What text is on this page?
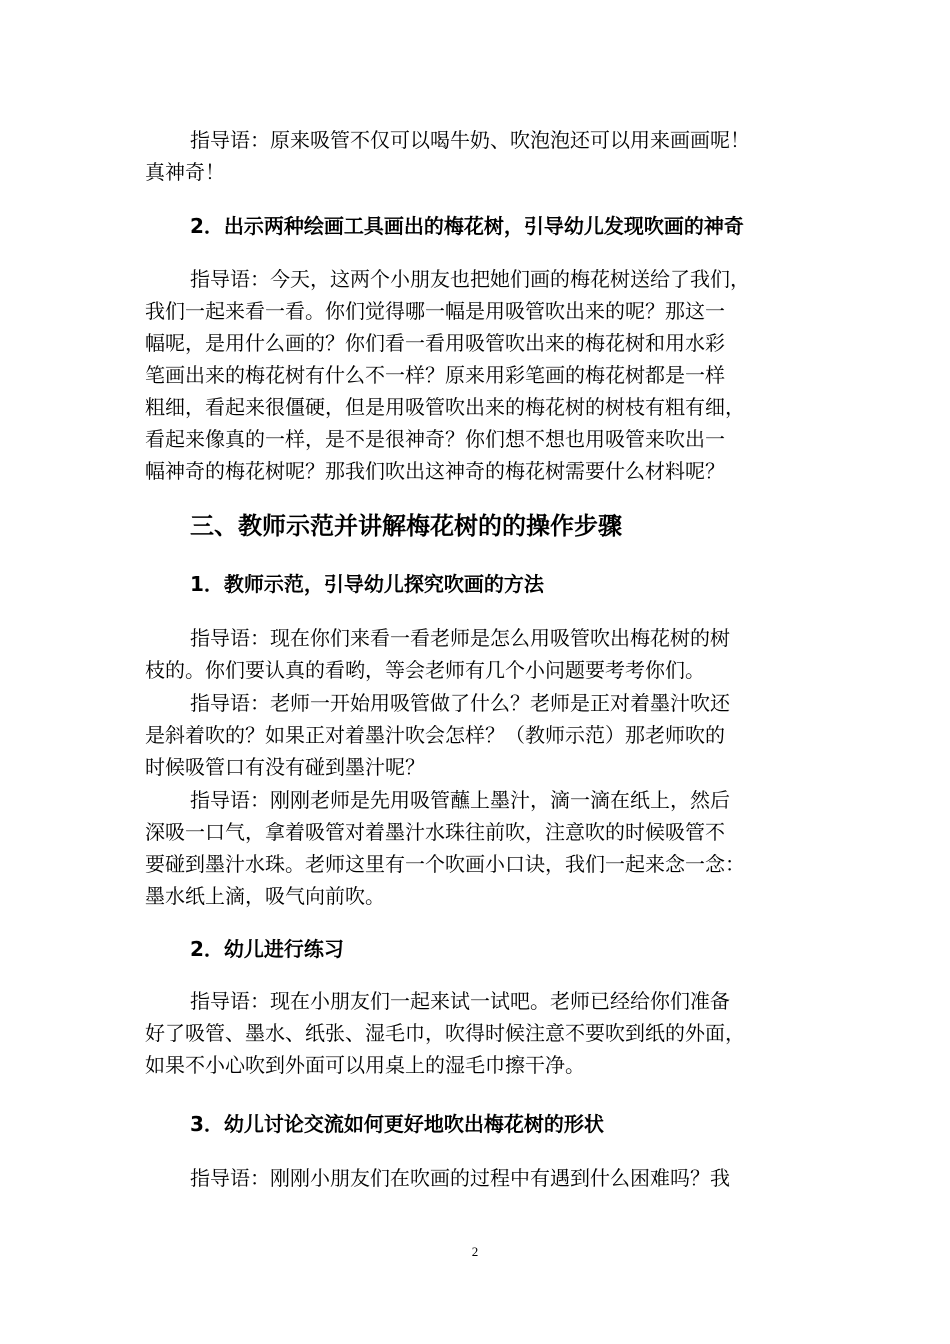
指导语：原来吸管不仅可以喝牛奶、吹泡泡还可以用来画画呢！
真神奇！
2．出示两种绘画工具画出的梅花树，引导幼儿发现吹画的神奇
指导语：今天，这两个小朋友也把她们画的梅花树送给了我们，
我们一起来看一看。你们觉得哪一幅是用吸管吹出来的呢？那这一
幅呢，是用什么画的？你们看一看用吸管吹出来的梅花树和用水彩
笔画出来的梅花树有什么不一样？原来用彩笔画的梅花树都是一样
粗细，看起来很僵硬，但是用吸管吹出来的梅花树的树枝有粗有细，
看起来像真的一样，是不是很神奇？你们想不想也用吸管来吹出一
幅神奇的梅花树呢？那我们吹出这神奇的梅花树需要什么材料呢？
三、教师示范并讲解梅花树的的操作步骤
1．教师示范，引导幼儿探究吹画的方法
指导语：现在你们来看一看老师是怎么用吸管吹出梅花树的树
枝的。你们要认真的看哟，等会老师有几个小问题要考考你们。
指导语：老师一开始用吸管做了什么？老师是正对着墨汁吹还
是斜着吹的？如果正对着墨汁吹会怎样？（教师示范）那老师吹的
时候吸管口有没有碰到墨汁呢？
指导语：刚刚老师是先用吸管蘸上墨汁，滴一滴在纸上，然后
深吸一口气，拿着吸管对着墨汁水珠往前吹，注意吹的时候吸管不
要碰到墨汁水珠。老师这里有一个吹画小口诀，我们一起来念一念：
墨水纸上滴，吸气向前吹。
2．幼儿进行练习
指导语：现在小朋友们一起来试一试吧。老师已经给你们准备
好了吸管、墨水、纸张、湿毛巾，吹得时候注意不要吹到纸的外面，
如果不小心吹到外面可以用桌上的湿毛巾擦干净。
3．幼儿讨论交流如何更好地吹出梅花树的形状
指导语：刚刚小朋友们在吹画的过程中有遇到什么困难吗？我
2
